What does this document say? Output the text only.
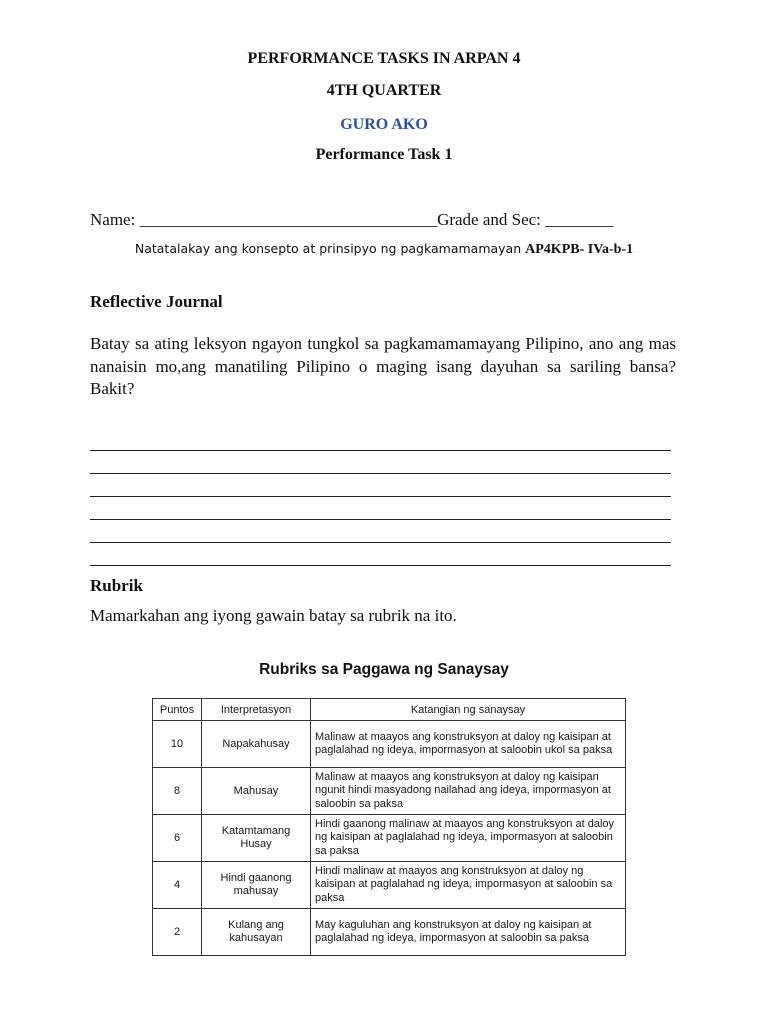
PERFORMANCE TASKS IN ARPAN 4
4TH QUARTER
GURO AKO
Performance Task 1
Name: ___________________________________Grade and Sec: ________
Natatalakay ang konsepto at prinsipyo ng pagkamamamayan AP4KPB- IVa-b-1
Reflective Journal
Batay sa ating leksyon ngayon tungkol sa pagkamamamayang Pilipino, ano ang mas nanaisin mo,ang manatiling Pilipino o maging isang dayuhan sa sariling bansa? Bakit?
Rubrik
Mamarkahan ang iyong gawain batay sa rubrik na ito.
Rubriks sa Paggawa ng Sanaysay
Puntos	Interpretasyon	Katangian ng sanaysay
10	Napakahusay	Malinaw at maayos ang konstruksyon at daloy ng kaisipan at paglalahad ng ideya, impormasyon at saloobin ukol sa paksa
8	Mahusay	Malinaw at maayos ang konstruksyon at daloy ng kaisipan ngunit hindi masyadong nailahad ang ideya, impormasyon at saloobin sa paksa
6	Katamtamang Husay	Hindi gaanong malinaw at maayos ang konstruksyon at daloy ng kaisipan at paglalahad ng ideya, impormasyon at saloobin sa paksa
4	Hindi gaanong mahusay	Hindi malinaw at maayos ang konstruksyon at daloy ng kaisipan at paglalahad ng ideya, impormasyon at saloobin sa paksa
2	Kulang ang kahusayan	May kaguluhan ang konstruksyon at daloy ng kaisipan at paglalahad ng ideya, impormasyon at saloobin sa paksa
